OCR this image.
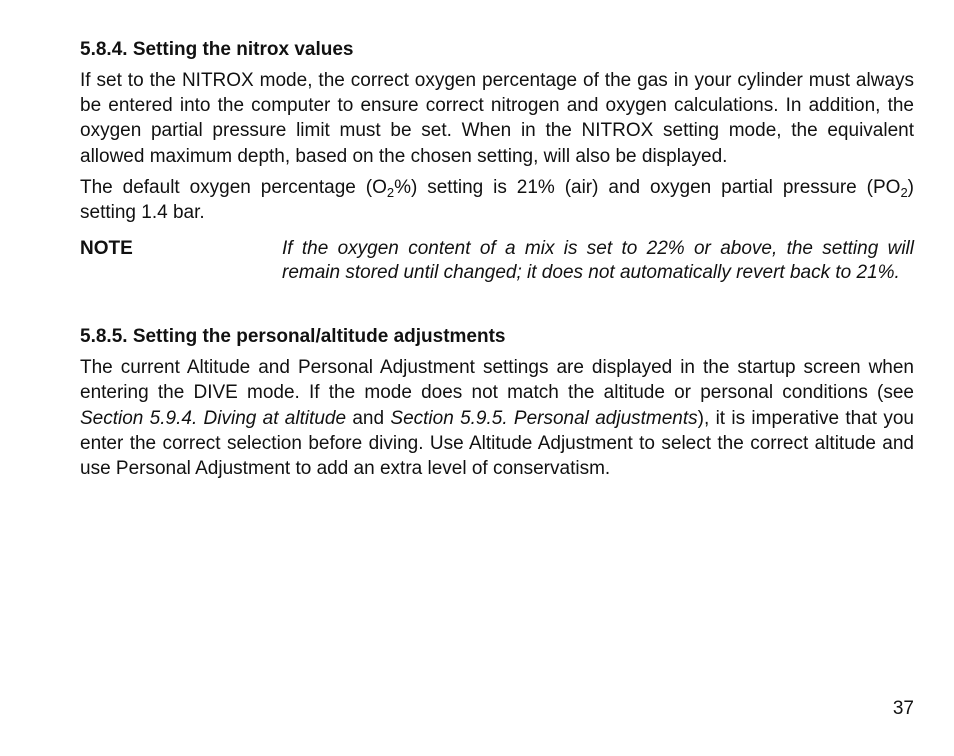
5.8.4. Setting the nitrox values

If set to the NITROX mode, the correct oxygen percentage of the gas in your cylinder must always be entered into the computer to ensure correct nitrogen and oxygen calculations. In addition, the oxygen partial pressure limit must be set. When in the NITROX setting mode, the equivalent allowed maximum depth, based on the chosen setting, will also be displayed.

The default oxygen percentage $(O_2\%)$ setting is 21% (air) and oxygen partial pressure $(PO_2)$ setting 1.4 bar.

NOTE	If the oxygen content of a mix is set to 22% or above, the setting will remain stored until changed; it does not automatically revert back to 21%.
5.8.5. Setting the personal/altitude adjustments

The current Altitude and Personal Adjustment settings are displayed in the startup screen when entering the DIVE mode. If the mode does not match the altitude or personal conditions (see Section 5.9.4. Diving at altitude and Section 5.9.5. Personal adjustments), it is imperative that you enter the correct selection before diving. Use Altitude Adjustment to select the correct altitude and use Personal Adjustment to add an extra level of conservatism.

37
